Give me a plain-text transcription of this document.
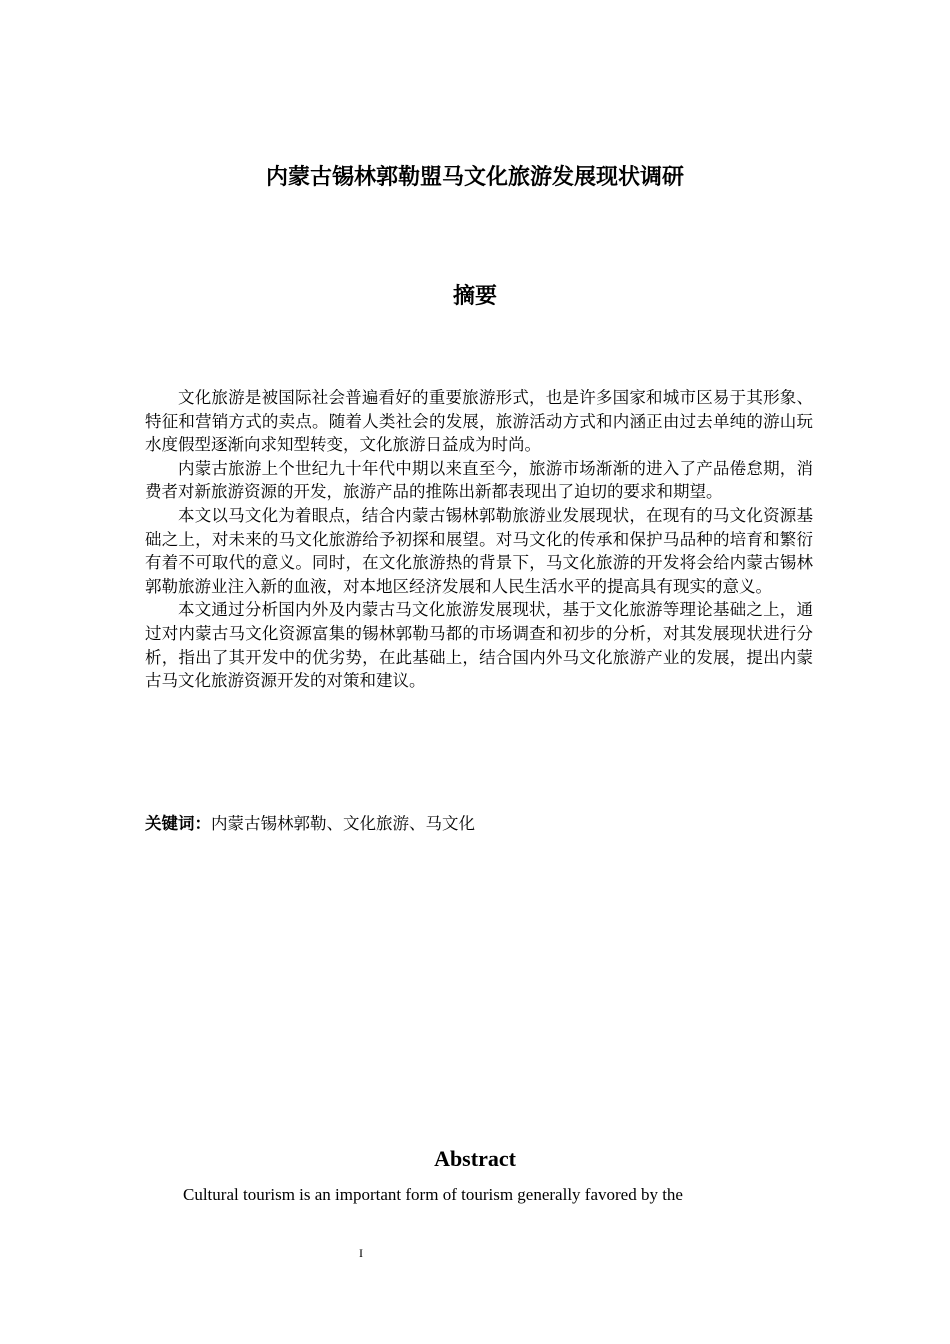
内蒙古锡林郭勒盟马文化旅游发展现状调研
摘要

文化旅游是被国际社会普遍看好的重要旅游形式，也是许多国家和城市区易于其形象、特征和营销方式的卖点。随着人类社会的发展，旅游活动方式和内涵正由过去单纯的游山玩水度假型逐渐向求知型转变，文化旅游日益成为时尚。

内蒙古旅游上个世纪九十年代中期以来直至今，旅游市场渐渐的进入了产品倦怠期，消费者对新旅游资源的开发，旅游产品的推陈出新都表现出了迫切的要求和期望。

本文以马文化为着眼点，结合内蒙古锡林郭勒旅游业发展现状，在现有的马文化资源基础之上，对未来的马文化旅游给予初探和展望。对马文化的传承和保护马品种的培育和繁衍有着不可取代的意义。同时，在文化旅游热的背景下，马文化旅游的开发将会给内蒙古锡林郭勒旅游业注入新的血液，对本地区经济发展和人民生活水平的提高具有现实的意义。

本文通过分析国内外及内蒙古马文化旅游发展现状，基于文化旅游等理论基础之上，通过对内蒙古马文化资源富集的锡林郭勒马都的市场调查和初步的分析，对其发展现状进行分析，指出了其开发中的优劣势，在此基础上，结合国内外马文化旅游产业的发展，提出内蒙古马文化旅游资源开发的对策和建议。

关键词：内蒙古锡林郭勒、文化旅游、马文化
Abstract
Cultural tourism is an important form of tourism generally favored by the
I
